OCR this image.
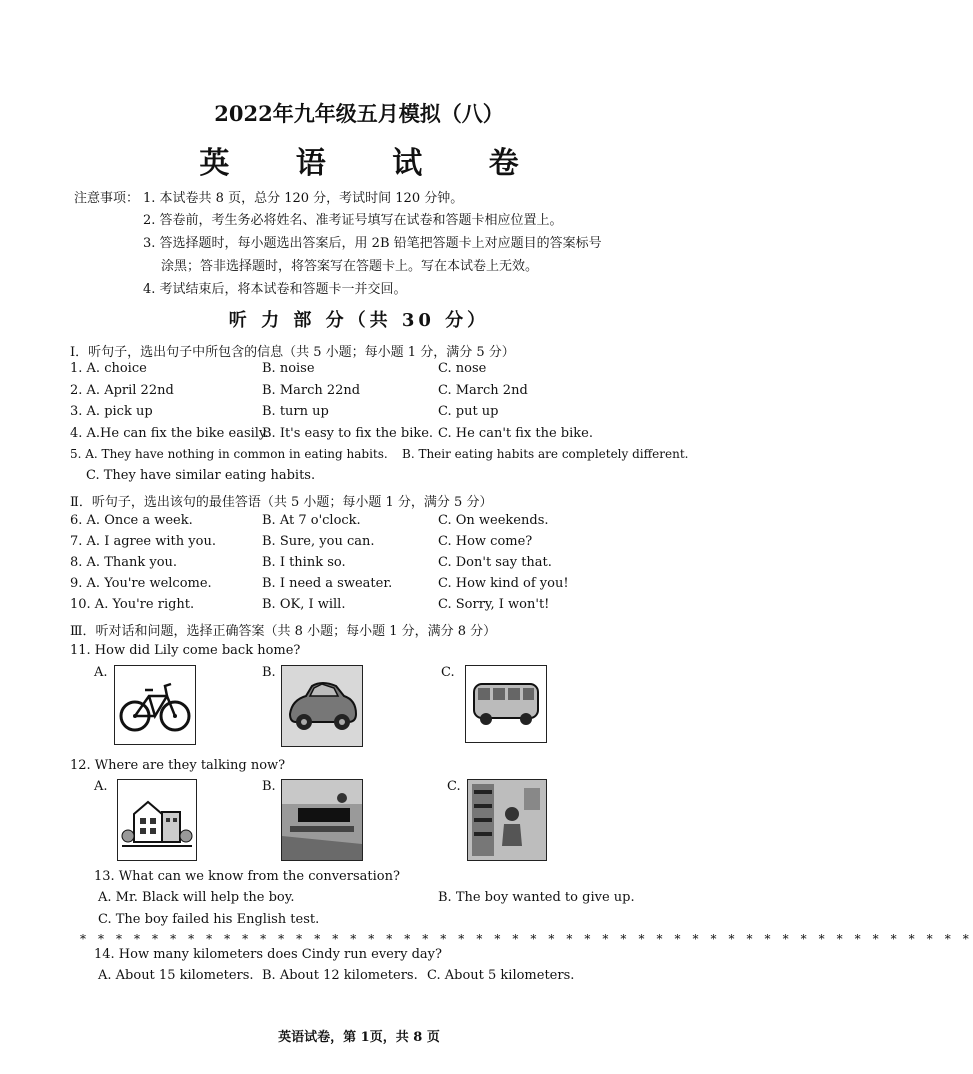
2022年九年级五月模拟（八）
英 语 试 卷
注意事项： 1. 本试卷共 8 页，总分 120 分，考试时间 120 分钟。
2. 答卷前，考生务必将姓名、准考证号填写在试卷和答题卡相应位置上。
3. 答选择题时，每小题选出答案后，用 2B 铅笔把答题卡上对应题目的答案标号
涂黑；答非选择题时，将答案写在答题卡上。写在本试卷上无效。
4. 考试结束后，将本试卷和答题卡一并交回。
听 力 部 分（共 30 分）
Ⅰ．听句子，选出句子中所包含的信息（共 5 小题；每小题 1 分，满分 5 分）
1. A. choice	B. noise	C. nose
2. A. April 22nd	B. March 22nd	C. March 2nd
3. A. pick up	B. turn up	C. put up
4. A.He can fix the bike easily.
B. It's easy to fix the bike. C. He can't fix the bike.
5. A. They have nothing in common in eating habits. B. Their eating habits are completely different.
C. They have similar eating habits.
Ⅱ．听句子，选出该句的最佳答语（共 5 小题；每小题 1 分，满分 5 分）
6. A. Once a week.	B. At 7 o'clock.	C. On weekends.
7. A. I agree with you.	B. Sure, you can.	C. How come?
8. A. Thank you.	B. I think so.	C. Don't say that.
9. A. You're welcome.	B. I need a sweater.	C. How kind of you!
10. A. You're right.	B. OK, I will.	C. Sorry, I won't!
Ⅲ．听对话和问题，选择正确答案（共 8 小题；每小题 1 分，满分 8 分）
11. How did Lily come back home?
A.	B.	C.
12. Where are they talking now?
A.	B.	C.
13. What can we know from the conversation?
A. Mr. Black will help the boy.	B. The boy wanted to give up.
C. The boy failed his English test.
* * * * * * * * * * * * * * * * * * * * * * * * * * * * * * * * * * * * * * * * * * * * * * * * * *
14. How many kilometers does Cindy run every day?
A. About 15 kilometers. B. About 12 kilometers. C. About 5 kilometers.
英语试卷，第 1页，共 8 页
